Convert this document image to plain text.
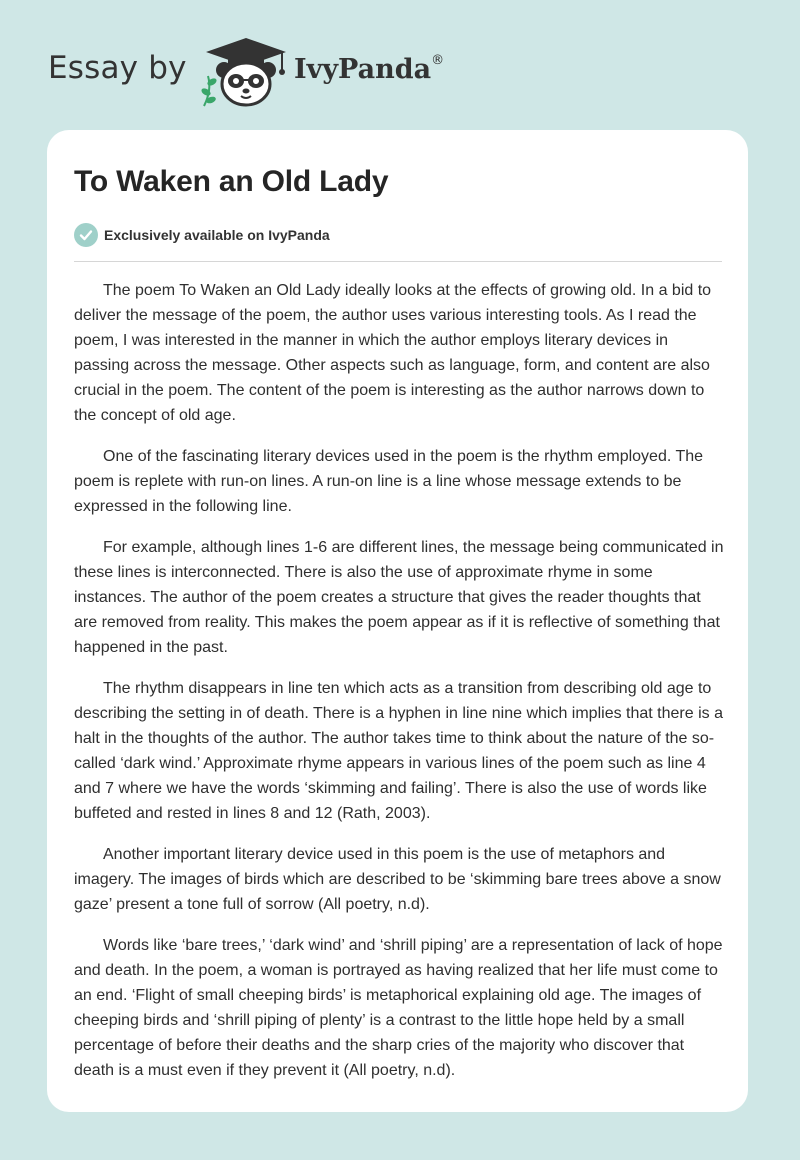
Essay by	IvyPanda®
To Waken an Old Lady
Exclusively available on IvyPanda

The poem To Waken an Old Lady ideally looks at the effects of growing old. In a bid to deliver the message of the poem, the author uses various interesting tools. As I read the poem, I was interested in the manner in which the author employs literary devices in passing across the message. Other aspects such as language, form, and content are also crucial in the poem. The content of the poem is interesting as the author narrows down to the concept of old age.

One of the fascinating literary devices used in the poem is the rhythm employed. The poem is replete with run-on lines. A run-on line is a line whose message extends to be expressed in the following line.

For example, although lines 1-6 are different lines, the message being communicated in these lines is interconnected. There is also the use of approximate rhyme in some instances. The author of the poem creates a structure that gives the reader thoughts that are removed from reality. This makes the poem appear as if it is reflective of something that happened in the past.

The rhythm disappears in line ten which acts as a transition from describing old age to describing the setting in of death. There is a hyphen in line nine which implies that there is a halt in the thoughts of the author. The author takes time to think about the nature of the so-called ‘dark wind.’ Approximate rhyme appears in various lines of the poem such as line 4 and 7 where we have the words ‘skimming and failing’. There is also the use of words like buffeted and rested in lines 8 and 12 (Rath, 2003).

Another important literary device used in this poem is the use of metaphors and imagery. The images of birds which are described to be ‘skimming bare trees above a snow gaze’ present a tone full of sorrow (All poetry, n.d).

Words like ‘bare trees,’ ‘dark wind’ and ‘shrill piping’ are a representation of lack of hope and death. In the poem, a woman is portrayed as having realized that her life must come to an end. ‘Flight of small cheeping birds’ is metaphorical explaining old age. The images of cheeping birds and ‘shrill piping of plenty’ is a contrast to the little hope held by a small percentage of before their deaths and the sharp cries of the majority who discover that death is a must even if they prevent it (All poetry, n.d).
